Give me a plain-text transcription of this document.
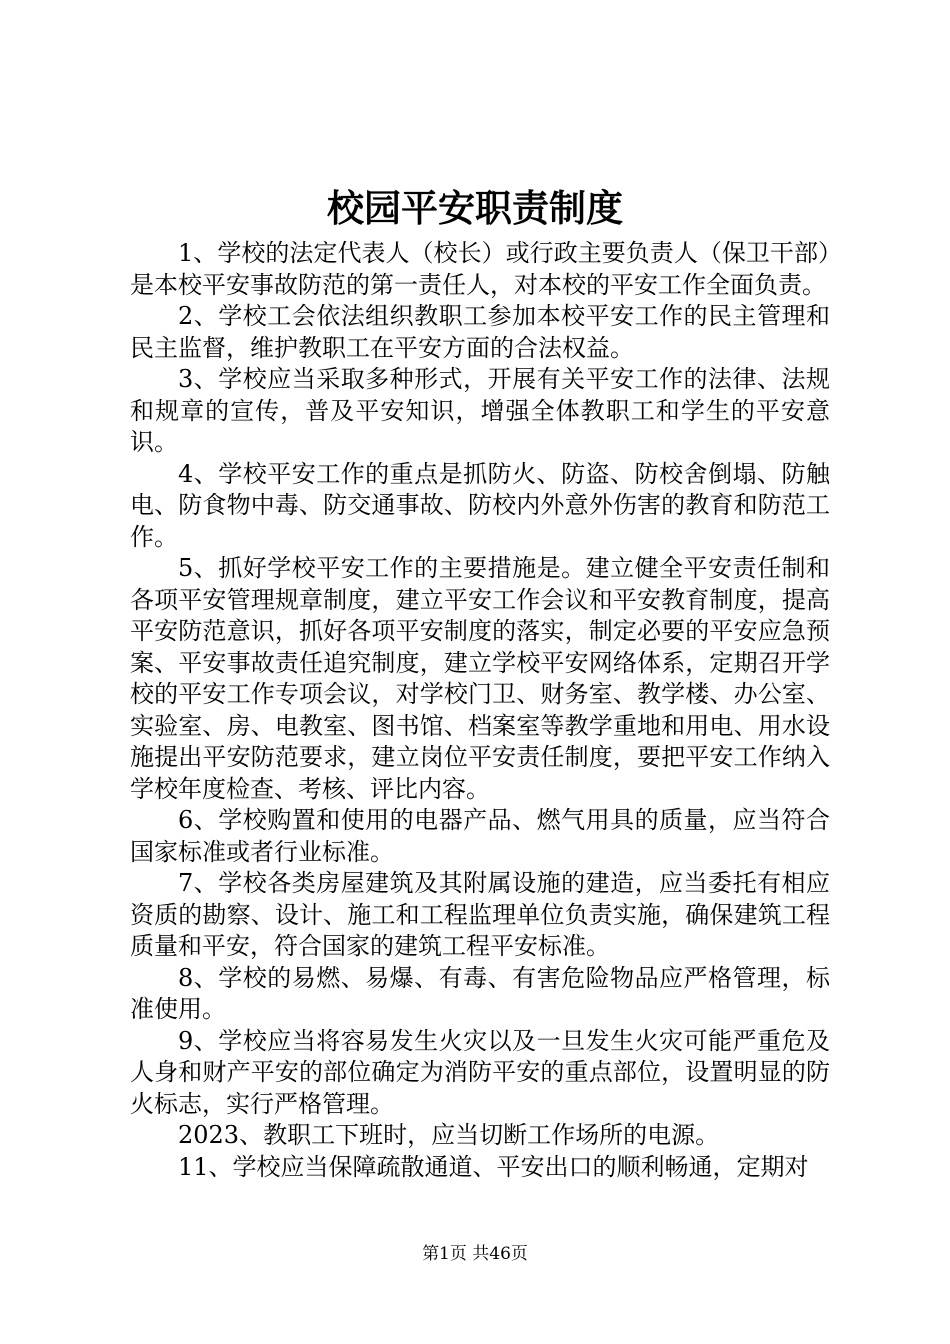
校园平安职责制度

1、学校的法定代表人（校长）或行政主要负责人（保卫干部）是本校平安事故防范的第一责任人，对本校的平安工作全面负责。

2、学校工会依法组织教职工参加本校平安工作的民主管理和民主监督，维护教职工在平安方面的合法权益。

3、学校应当采取多种形式，开展有关平安工作的法律、法规和规章的宣传，普及平安知识，增强全体教职工和学生的平安意识。

4、学校平安工作的重点是抓防火、防盗、防校舍倒塌、防触电、防食物中毒、防交通事故、防校内外意外伤害的教育和防范工作。

5、抓好学校平安工作的主要措施是。建立健全平安责任制和各项平安管理规章制度，建立平安工作会议和平安教育制度，提高平安防范意识，抓好各项平安制度的落实，制定必要的平安应急预案、平安事故责任追究制度，建立学校平安网络体系，定期召开学校的平安工作专项会议，对学校门卫、财务室、教学楼、办公室、实验室、房、电教室、图书馆、档案室等教学重地和用电、用水设施提出平安防范要求，建立岗位平安责任制度，要把平安工作纳入学校年度检查、考核、评比内容。

6、学校购置和使用的电器产品、燃气用具的质量，应当符合国家标准或者行业标准。

7、学校各类房屋建筑及其附属设施的建造，应当委托有相应资质的勘察、设计、施工和工程监理单位负责实施，确保建筑工程质量和平安，符合国家的建筑工程平安标准。

8、学校的易燃、易爆、有毒、有害危险物品应严格管理，标准使用。

9、学校应当将容易发生火灾以及一旦发生火灾可能严重危及人身和财产平安的部位确定为消防平安的重点部位，设置明显的防火标志，实行严格管理。

2023、教职工下班时，应当切断工作场所的电源。

11、学校应当保障疏散通道、平安出口的顺利畅通，定期对

第1页 共46页
